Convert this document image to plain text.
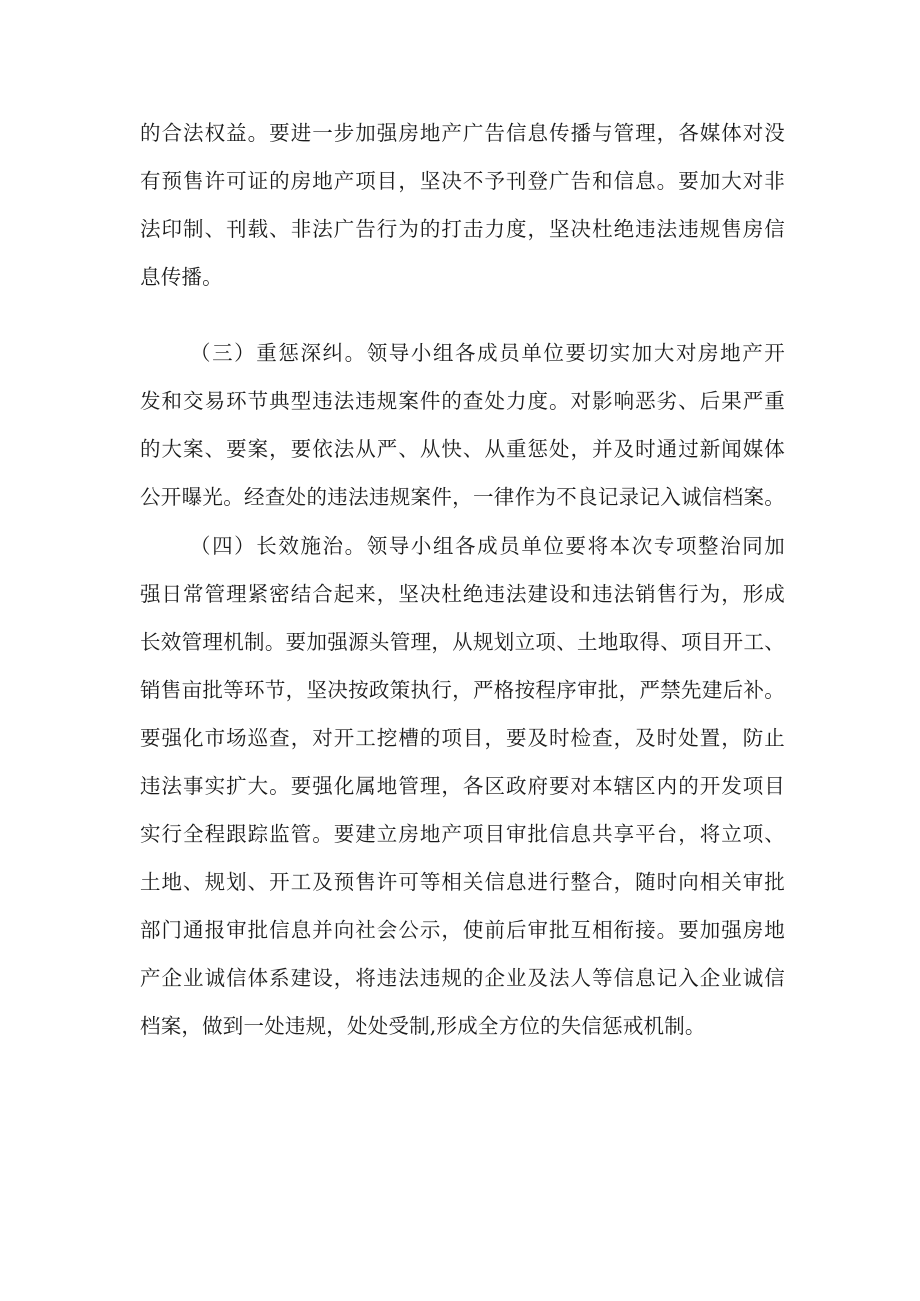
的合法权益。要进一步加强房地产广告信息传播与管理，各媒体对没
有预售许可证的房地产项目，坚决不予刊登广告和信息。要加大对非
法印制、刊载、非法广告行为的打击力度，坚决杜绝违法违规售房信
息传播。
（三）重惩深纠。领导小组各成员单位要切实加大对房地产开
发和交易环节典型违法违规案件的查处力度。对影响恶劣、后果严重
的大案、要案，要依法从严、从快、从重惩处，并及时通过新闻媒体
公开曝光。经查处的违法违规案件，一律作为不良记录记入诚信档案。
（四）长效施治。领导小组各成员单位要将本次专项整治同加
强日常管理紧密结合起来，坚决杜绝违法建设和违法销售行为，形成
长效管理机制。要加强源头管理，从规划立项、土地取得、项目开工、
销售亩批等环节，坚决按政策执行，严格按程序审批，严禁先建后补。
要强化市场巡查，对开工挖槽的项目，要及时检查，及时处置，防止
违法事实扩大。要强化属地管理，各区政府要对本辖区内的开发项目
实行全程跟踪监管。要建立房地产项目审批信息共享平台，将立项、
土地、规划、开工及预售许可等相关信息进行整合，随时向相关审批
部门通报审批信息并向社会公示，使前后审批互相衔接。要加强房地
产企业诚信体系建设，将违法违规的企业及法人等信息记入企业诚信
档案，做到一处违规，处处受制,形成全方位的失信惩戒机制。
